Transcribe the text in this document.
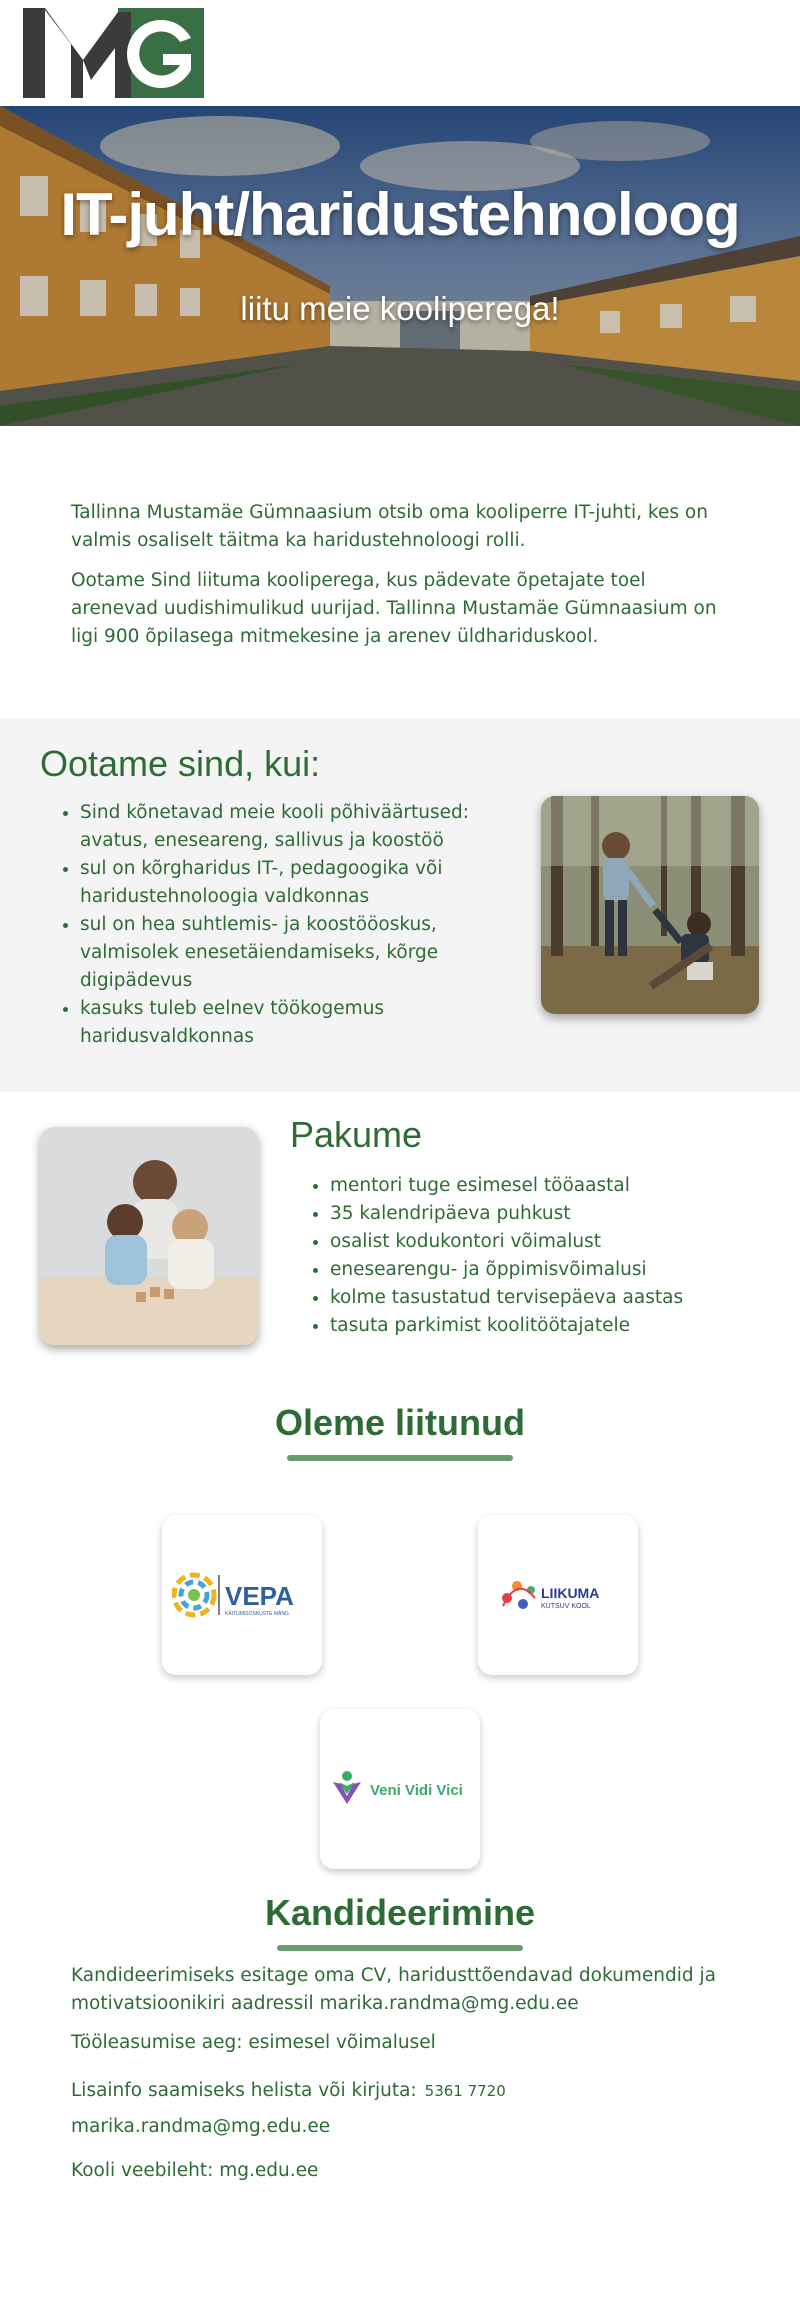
IT-juht/haridustehnoloog
liitu meie kooliperega!

Tallinna Mustamäe Gümnaasium otsib oma kooliperre IT-juhti, kes on valmis osaliselt täitma ka haridustehnoloogi rolli.

Ootame Sind liituma kooliperega, kus pädevate õpetajate toel arenevad uudishimulikud uurijad. Tallinna Mustamäe Gümnaasium on ligi 900 õpilasega mitmekesine ja arenev üldhariduskool.

Ootame sind, kui:
• Sind kõnetavad meie kooli põhiväärtused: avatus, eneseareng, sallivus ja koostöö
• sul on kõrgharidus IT-, pedagoogika või haridustehnoloogia valdkonnas
• sul on hea suhtlemis- ja koostööoskus, valmisolek enesetäiendamiseks, kõrge digipädevus
• kasuks tuleb eelnev töökogemus haridusvaldkonnas
Pakume
• mentori tuge esimesel tööaastal
• 35 kalendripäeva puhkust
• osalist kodukontori võimalust
• enesearengu- ja õppimisvõimalusi
• kolme tasustatud tervisepäeva aastas
• tasuta parkimist koolitöötajatele
Oleme liitunud
VEPA
KÄITUMISOSKUSTE MÄNG
LIIKUMA
KUTSUV KOOL
Veni Vidi Vici
Kandideerimine

Kandideerimiseks esitage oma CV, haridusttõendavad dokumendid ja motivatsioonikiri aadressil marika.randma@mg.edu.ee

Tööleasumise aeg: esimesel võimalusel

Lisainfo saamiseks helista või kirjuta: 5361 7720

marika.randma@mg.edu.ee

Kooli veebileht: mg.edu.ee
